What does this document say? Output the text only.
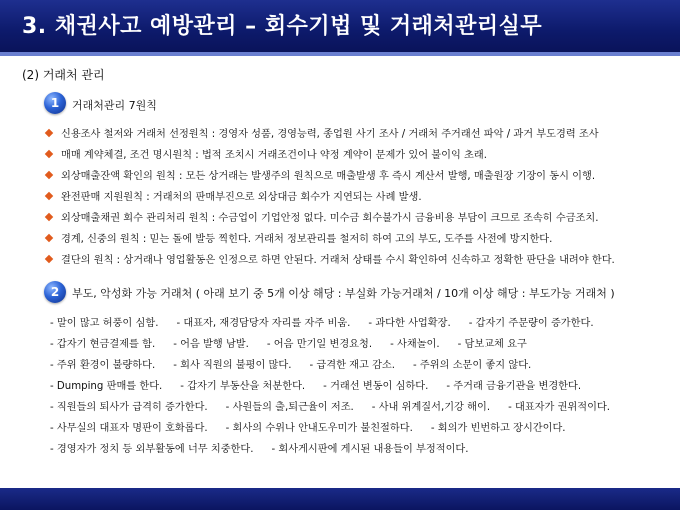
3. 채권사고 예방관리 – 회수기법 및 거래처관리실무
(2) 거래처 관리
1	거래처관리 7원칙
신용조사 철저와 거래처 선정원칙 : 경영자 성품, 경영능력, 종업원 사기 조사 / 거래처 주거래선 파악 / 과거 부도경력 조사
매매 계약체결, 조건 명시원칙 : 법적 조치시 거래조건이나 약정 계약이 문제가 있어 불이익 초래.
외상매출잔액 확인의 원칙 : 모든 상거래는 발생주의 원칙으로 매출발생 후 즉시 계산서 발행, 매출원장 기장이 동시 이행.
완전판매 지원원칙 : 거래처의 판매부진으로 외상대금 회수가 지연되는 사례 발생.
외상매출채권 회수 관리처리 원칙 : 수금업이 기업안정 없다. 미수금 회수불가시 금융비용 부담이 크므로 조속히 수금조치.
경계, 신중의 원칙 : 믿는 돌에 발등 찍힌다. 거래처 정보관리를 철저히 하여 고의 부도, 도주를 사전에 방지한다.
결단의 원칙 : 상거래나 영업활동은 인정으로 하면 안된다. 거래처 상태를 수시 확인하여 신속하고 정확한 판단을 내려야 한다.
2	부도, 악성화 가능 거래처 ( 아래 보기 중 5개 이상 해당 : 부실화 가능거래처 / 10개 이상 해당 : 부도가능 거래처 )
- 말이 많고 허풍이 심함. - 대표자, 재경담당자 자리를 자주 비움. - 과다한 사업확장. - 갑자기 주문량이 증가한다.
- 갑자기 현금결제를 함. - 어음 발행 남발. - 어음 만기일 변경요청. - 사채놀이. - 담보교체 요구
- 주위 환경이 불량하다. - 회사 직원의 불평이 많다. - 급격한 재고 감소. - 주위의 소문이 좋지 않다.
- Dumping 판매를 한다. - 갑자기 부동산을 처분한다. - 거래선 변동이 심하다. - 주거래 금융기관을 변경한다.
- 직원들의 퇴사가 급격히 증가한다. - 사원들의 출,퇴근율이 저조. - 사내 위계질서,기강 해이. - 대표자가 권위적이다.
- 사무실의 대표자 명판이 호화롭다. - 회사의 수위나 안내도우미가 불친절하다. - 회의가 빈번하고 장시간이다.
- 경영자가 정치 등 외부활동에 너무 치중한다. - 회사게시판에 게시된 내용들이 부정적이다.
